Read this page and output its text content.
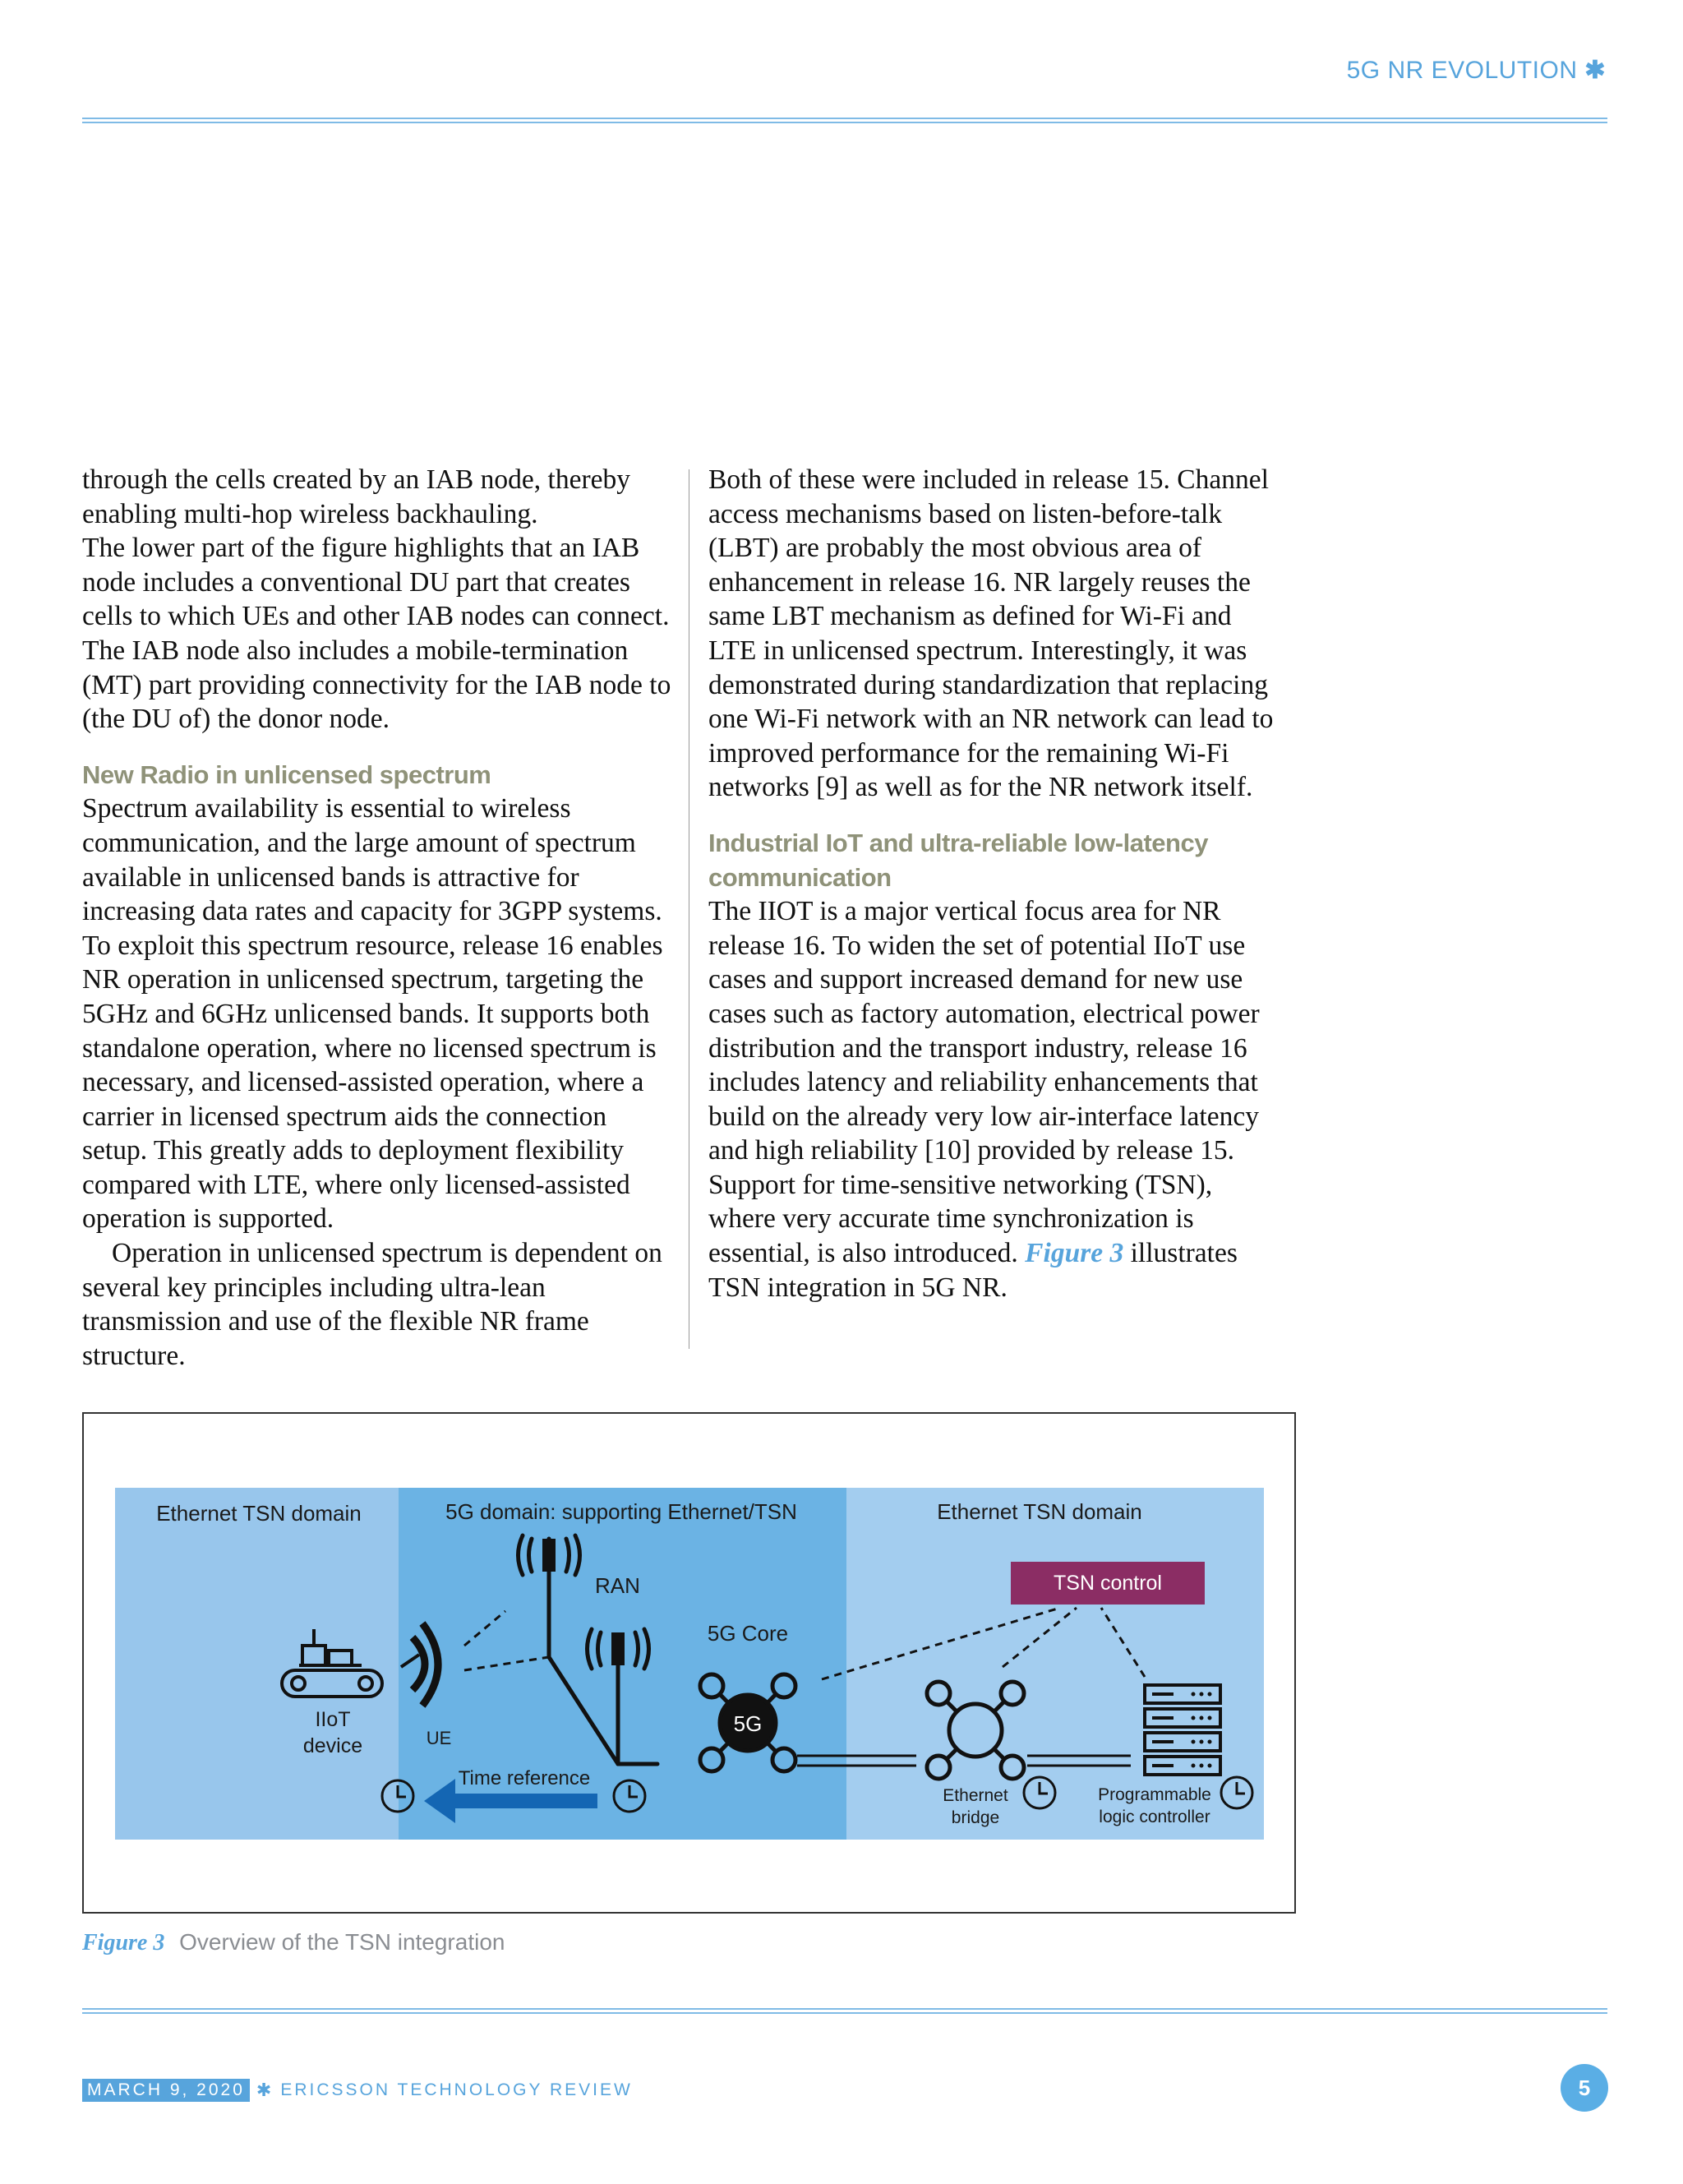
5G NR EVOLUTION ✱

through the cells created by an IAB node, thereby enabling multi-hop wireless backhauling.

The lower part of the figure highlights that an IAB node includes a conventional DU part that creates cells to which UEs and other IAB nodes can connect. The IAB node also includes a mobile-termination (MT) part providing connectivity for the IAB node to (the DU of) the donor node.

New Radio in unlicensed spectrum

Spectrum availability is essential to wireless communication, and the large amount of spectrum available in unlicensed bands is attractive for increasing data rates and capacity for 3GPP systems. To exploit this spectrum resource, release 16 enables NR operation in unlicensed spectrum, targeting the 5GHz and 6GHz unlicensed bands. It supports both standalone operation, where no licensed spectrum is necessary, and licensed-assisted operation, where a carrier in licensed spectrum aids the connection setup. This greatly adds to deployment flexibility compared with LTE, where only licensed-assisted operation is supported.

Operation in unlicensed spectrum is dependent on several key principles including ultra-lean transmission and use of the flexible NR frame structure.

Both of these were included in release 15. Channel access mechanisms based on listen-before-talk (LBT) are probably the most obvious area of enhancement in release 16. NR largely reuses the same LBT mechanism as defined for Wi-Fi and LTE in unlicensed spectrum. Interestingly, it was demonstrated during standardization that replacing one Wi-Fi network with an NR network can lead to improved performance for the remaining Wi-Fi networks [9] as well as for the NR network itself.

Industrial IoT and ultra-reliable low-latency communication

The IIOT is a major vertical focus area for NR release 16. To widen the set of potential IIoT use cases and support increased demand for new use cases such as factory automation, electrical power distribution and the transport industry, release 16 includes latency and reliability enhancements that build on the already very low air-interface latency and high reliability [10] provided by release 15. Support for time-sensitive networking (TSN), where very accurate time synchronization is essential, is also introduced. Figure 3 illustrates TSN integration in 5G NR.

Ethernet TSN domain	5G domain: supporting Ethernet/TSN	Ethernet TSN domain
TSN control
RAN
5G Core
5G
Ethernet
bridge
Programmable
logic controller
IIoT
device	UE
Time reference
Figure 3 Overview of the TSN integration
MARCH 9, 2020 ✱ ERICSSON TECHNOLOGY REVIEW	5
